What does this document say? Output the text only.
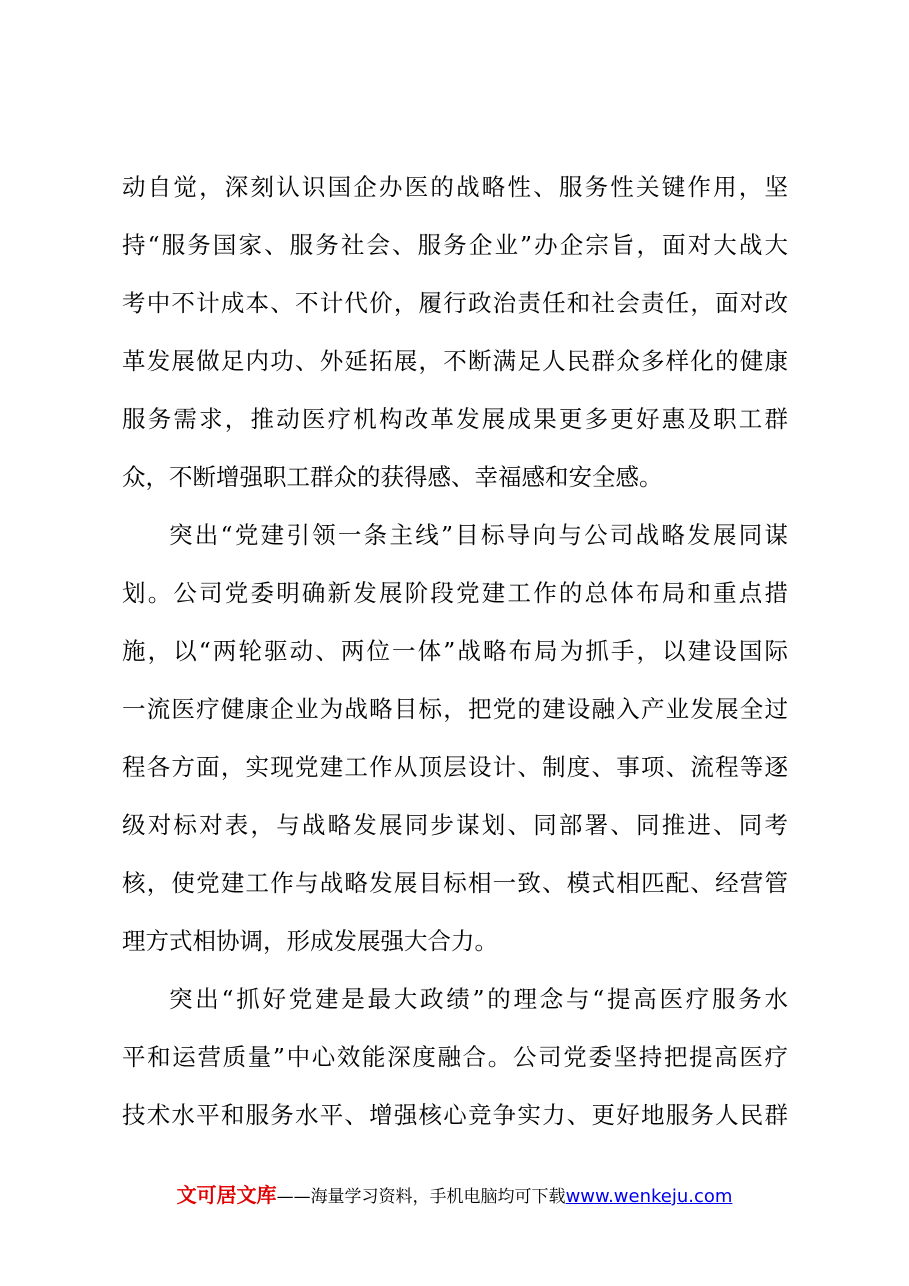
动自觉，深刻认识国企办医的战略性、服务性关键作用，坚
持“服务国家、服务社会、服务企业”办企宗旨，面对大战大
考中不计成本、不计代价，履行政治责任和社会责任，面对改
革发展做足内功、外延拓展，不断满足人民群众多样化的健康
服务需求，推动医疗机构改革发展成果更多更好惠及职工群
众，不断增强职工群众的获得感、幸福感和安全感。
突出“党建引领一条主线”目标导向与公司战略发展同谋
划。公司党委明确新发展阶段党建工作的总体布局和重点措
施，以“两轮驱动、两位一体”战略布局为抓手，以建设国际
一流医疗健康企业为战略目标，把党的建设融入产业发展全过
程各方面，实现党建工作从顶层设计、制度、事项、流程等逐
级对标对表，与战略发展同步谋划、同部署、同推进、同考
核，使党建工作与战略发展目标相一致、模式相匹配、经营管
理方式相协调，形成发展强大合力。
突出“抓好党建是最大政绩”的理念与“提高医疗服务水
平和运营质量”中心效能深度融合。公司党委坚持把提高医疗
技术水平和服务水平、增强核心竞争实力、更好地服务人民群
文可居文库——海量学习资料，手机电脑均可下载www.wenkeju.com
